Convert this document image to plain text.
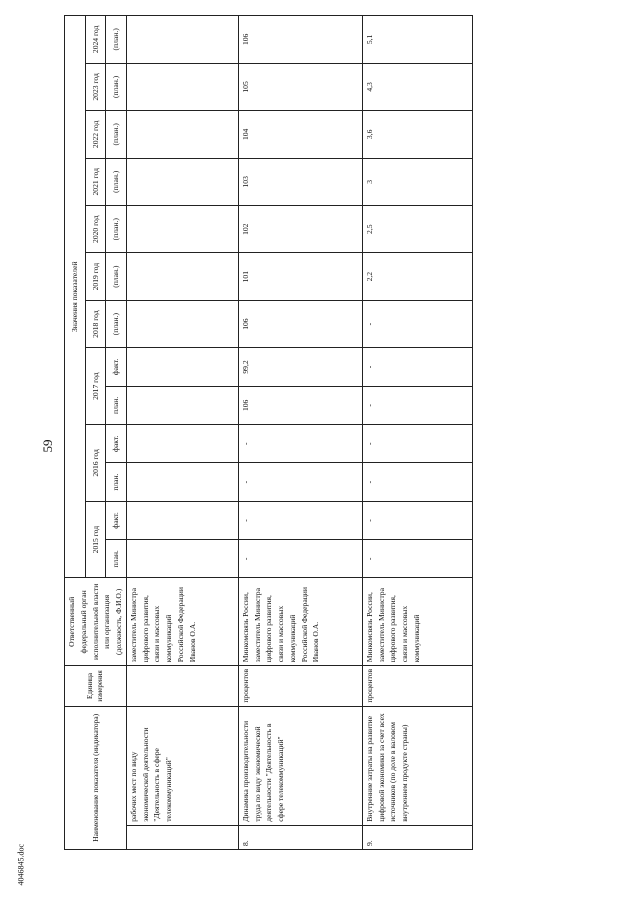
59
4046845.doc
Наименование показателя (индикатора)		Единица измерения	Ответственный федеральный орган исполнительной власти или организация (должность, Ф.И.О.)	Значения показателей												
				2015 год		2016 год		2017 год		2018 год	2019 год	2020 год	2021 год	2022 год	2023 год	2024 год
				план.	факт.	план.	факт.	план.	факт.	(план.)	(план.)	(план.)	(план.)	(план.)	(план.)	(план.)
	рабочих мест по виду экономической деятельности "Деятельность в сфере телекоммуникаций"		заместитель Министра цифрового развития, связи и массовых коммуникаций Российской Федерации Иванов О.А.													
8.	Динамика производительности труда по виду экономической деятельности "Деятельность в сфере телекоммуникаций"	процентов	Минкомсвязь России, заместитель Министра цифрового развития, связи и массовых коммуникаций Российской Федерации Иванов О.А.	-	-	-	-	106	99,2	106	101	102	103	104	105	106
9.	Внутренние затраты на развитие цифровой экономики за счет всех источников (по доле в валовом внутреннем продукте страны)	процентов	Минкомсвязь России, заместитель Министра цифрового развития, связи и массовых коммуникаций	-	-	-	-	-	-	-	2,2	2,5	3	3,6	4,3	5,1
